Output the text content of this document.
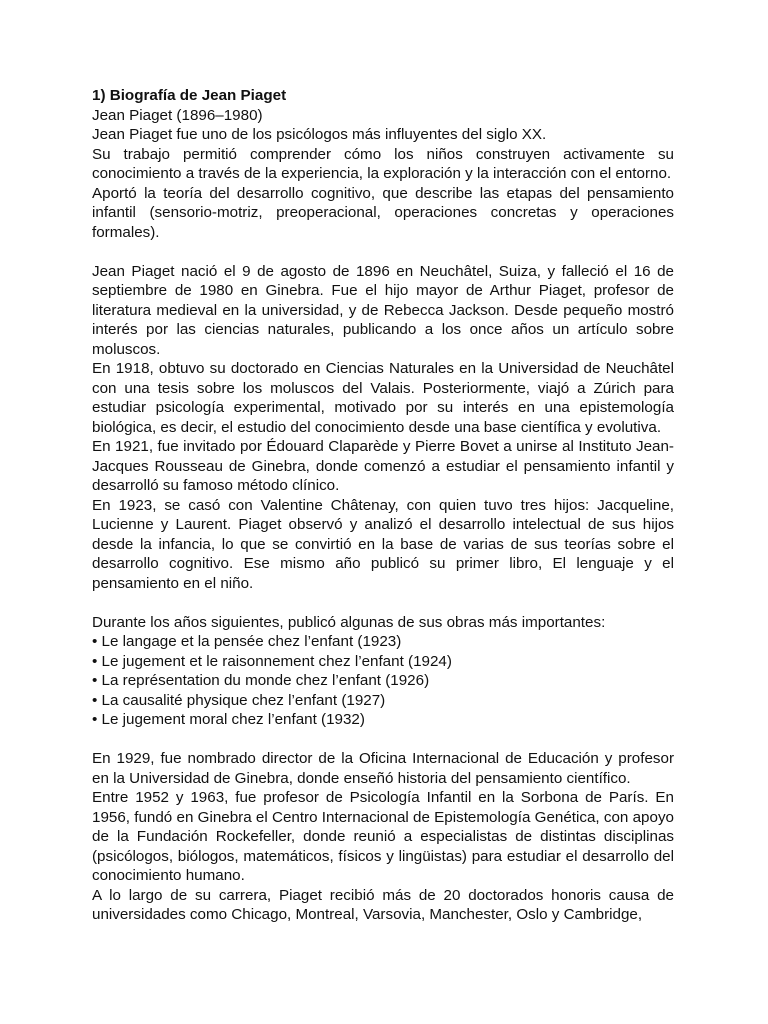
1) Biografía de Jean Piaget

Jean Piaget (1896–1980)

Jean Piaget fue uno de los psicólogos más influyentes del siglo XX.

Su trabajo permitió comprender cómo los niños construyen activamente su conocimiento a través de la experiencia, la exploración y la interacción con el entorno.

Aportó la teoría del desarrollo cognitivo, que describe las etapas del pensamiento infantil (sensorio-motriz, preoperacional, operaciones concretas y operaciones formales).

Jean Piaget nació el 9 de agosto de 1896 en Neuchâtel, Suiza, y falleció el 16 de septiembre de 1980 en Ginebra. Fue el hijo mayor de Arthur Piaget, profesor de literatura medieval en la universidad, y de Rebecca Jackson. Desde pequeño mostró interés por las ciencias naturales, publicando a los once años un artículo sobre moluscos.

En 1918, obtuvo su doctorado en Ciencias Naturales en la Universidad de Neuchâtel con una tesis sobre los moluscos del Valais. Posteriormente, viajó a Zúrich para estudiar psicología experimental, motivado por su interés en una epistemología biológica, es decir, el estudio del conocimiento desde una base científica y evolutiva.

En 1921, fue invitado por Édouard Claparède y Pierre Bovet a unirse al Instituto Jean-Jacques Rousseau de Ginebra, donde comenzó a estudiar el pensamiento infantil y desarrolló su famoso método clínico.

En 1923, se casó con Valentine Châtenay, con quien tuvo tres hijos: Jacqueline, Lucienne y Laurent. Piaget observó y analizó el desarrollo intelectual de sus hijos desde la infancia, lo que se convirtió en la base de varias de sus teorías sobre el desarrollo cognitivo. Ese mismo año publicó su primer libro, El lenguaje y el pensamiento en el niño.

Durante los años siguientes, publicó algunas de sus obras más importantes:

• Le langage et la pensée chez l’enfant (1923)
• Le jugement et le raisonnement chez l’enfant (1924)
• La représentation du monde chez l’enfant (1926)
• La causalité physique chez l’enfant (1927)
• Le jugement moral chez l’enfant (1932)

En 1929, fue nombrado director de la Oficina Internacional de Educación y profesor en la Universidad de Ginebra, donde enseñó historia del pensamiento científico.

Entre 1952 y 1963, fue profesor de Psicología Infantil en la Sorbona de París. En 1956, fundó en Ginebra el Centro Internacional de Epistemología Genética, con apoyo de la Fundación Rockefeller, donde reunió a especialistas de distintas disciplinas (psicólogos, biólogos, matemáticos, físicos y lingüistas) para estudiar el desarrollo del conocimiento humano.

A lo largo de su carrera, Piaget recibió más de 20 doctorados honoris causa de universidades como Chicago, Montreal, Varsovia, Manchester, Oslo y Cambridge,
